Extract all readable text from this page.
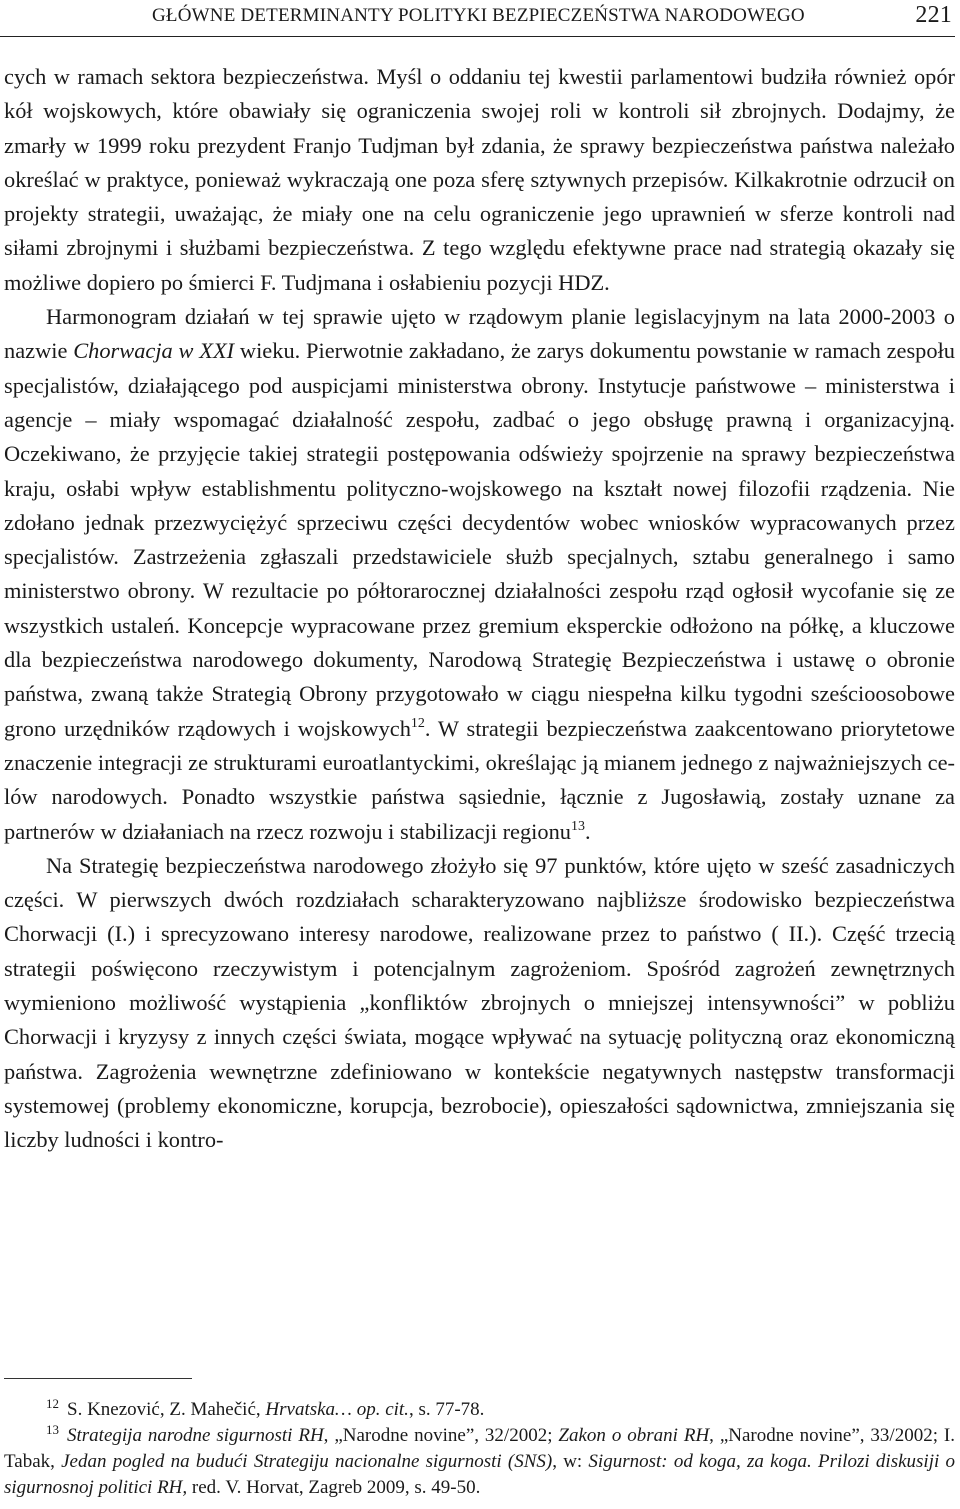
GŁÓWNE DETERMINANTY POLITYKI BEZPIECZEŃSTWA NARODOWEGO	221

cych w ramach sektora bezpieczeństwa. Myśl o oddaniu tej kwestii parlamentowi budziła również opór kół wojskowych, które obawiały się ograniczenia swojej roli w kontroli sił zbrojnych. Dodajmy, że zmarły w 1999 roku prezydent Franjo Tudjman był zdania, że sprawy bezpieczeństwa państwa należało określać w praktyce, ponieważ wykraczają one poza sferę sztywnych przepisów. Kilkakrotnie odrzucił on projekty strategii, uważając, że miały one na celu ograniczenie jego uprawnień w sferze kontroli nad siłami zbrojnymi i służbami bezpieczeństwa. Z tego względu efektywne prace nad strategią okazały się możliwe dopiero po śmierci F. Tudjmana i osłabieniu pozycji HDZ.

Harmonogram działań w tej sprawie ujęto w rządowym planie legislacyjnym na lata 2000-2003 o nazwie Chorwacja w XXI wieku. Pierwotnie zakładano, że zarys dokumentu powstanie w ramach zespołu specjalistów, działającego pod auspicjami ministerstwa obrony. Instytucje państwowe – ministerstwa i agencje – miały wspomagać działalność zespołu, zadbać o jego obsługę prawną i organizacyjną. Oczekiwano, że przyjęcie takiej strategii postępowania odświeży spojrzenie na sprawy bezpieczeństwa kraju, osłabi wpływ establishmentu polityczno-wojskowego na kształt nowej filozofii rządzenia. Nie zdołano jednak przezwyciężyć sprzeciwu części decydentów wobec wniosków wypracowanych przez specjalistów. Zastrzeżenia zgłaszali przedstawiciele służb specjalnych, sztabu generalnego i samo ministerstwo obrony. W rezultacie po półtorarocznej działalności zespołu rząd ogłosił wycofanie się ze wszystkich ustaleń. Koncepcje wypracowane przez gremium eksperckie odłożono na półkę, a kluczowe dla bezpieczeństwa narodowego dokumenty, Narodową Strategię Bezpieczeństwa i ustawę o obronie państwa, zwaną także Strategią Obrony przygotowało w ciągu niespełna kilku tygodni sześcioosobowe grono urzędników rządowych i wojskowych$^{12}$. W strategii bezpieczeństwa zaakcentowano priorytetowe znaczenie integracji ze strukturami euroatlantyckimi, określając ją mianem jednego z najważniejszych celów narodowych. Ponadto wszystkie państwa sąsiednie, łącznie z Jugosławią, zostały uznane za partnerów w działaniach na rzecz rozwoju i stabilizacji regionu$^{13}$.

Na Strategię bezpieczeństwa narodowego złożyło się 97 punktów, które ujęto w sześć zasadniczych części. W pierwszych dwóch rozdziałach scharakteryzowano najbliższe środowisko bezpieczeństwa Chorwacji (I.) i sprecyzowano interesy narodowe, realizowane przez to państwo ( II.). Część trzecią strategii poświęcono rzeczywistym i potencjalnym zagrożeniom. Spośród zagrożeń zewnętrznych wymieniono możliwość wystąpienia „konfliktów zbrojnych o mniejszej intensywności” w pobliżu Chorwacji i kryzysy z innych części świata, mogące wpływać na sytuację polityczną oraz ekonomiczną państwa. Zagrożenia wewnętrzne zdefiniowano w kontekście negatywnych następstw transformacji systemowej (problemy ekonomiczne, korupcja, bezrobocie), opieszałości sądownictwa, zmniejszania się liczby ludności i kontro-

$^{12}$ S. Knezović, Z. Mahečić, Hrvatska… op. cit., s. 77-78.

$^{13}$ Strategija narodne sigurnosti RH, „Narodne novine”, 32/2002; Zakon o obrani RH, „Narodne novine”, 33/2002; I. Tabak, Jedan pogled na budući Strategiju nacionalne sigurnosti (SNS), w: Sigurnost: od koga, za koga. Prilozi diskusiji o sigurnosnoj politici RH, red. V. Horvat, Zagreb 2009, s. 49-50.
